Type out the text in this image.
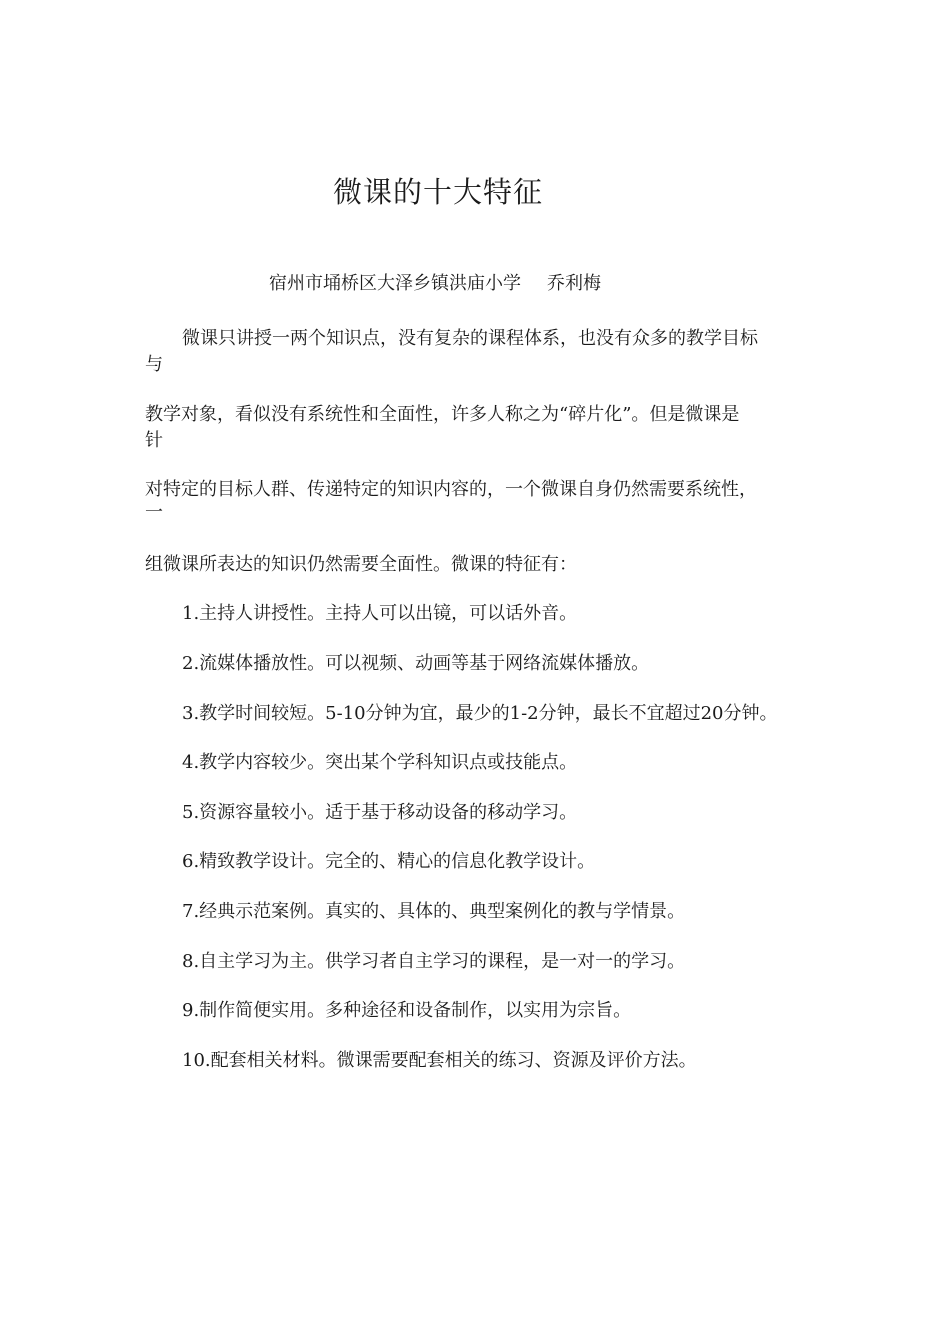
微课的十大特征
宿州市埇桥区大泽乡镇洪庙小学 乔利梅
微课只讲授一两个知识点，没有复杂的课程体系，也没有众多的教学目标
与
教学对象，看似没有系统性和全面性，许多人称之为“碎片化”。但是微课是
针
对特定的目标人群、传递特定的知识内容的，一个微课自身仍然需要系统性，
一
组微课所表达的知识仍然需要全面性。微课的特征有：
1.主持人讲授性。主持人可以出镜，可以话外音。
2.流媒体播放性。可以视频、动画等基于网络流媒体播放。
3.教学时间较短。5-10分钟为宜，最少的1-2分钟，最长不宜超过20分钟。
4.教学内容较少。突出某个学科知识点或技能点。
5.资源容量较小。适于基于移动设备的移动学习。
6.精致教学设计。完全的、精心的信息化教学设计。
7.经典示范案例。真实的、具体的、典型案例化的教与学情景。
8.自主学习为主。供学习者自主学习的课程，是一对一的学习。
9.制作简便实用。多种途径和设备制作，以实用为宗旨。
10.配套相关材料。微课需要配套相关的练习、资源及评价方法。
